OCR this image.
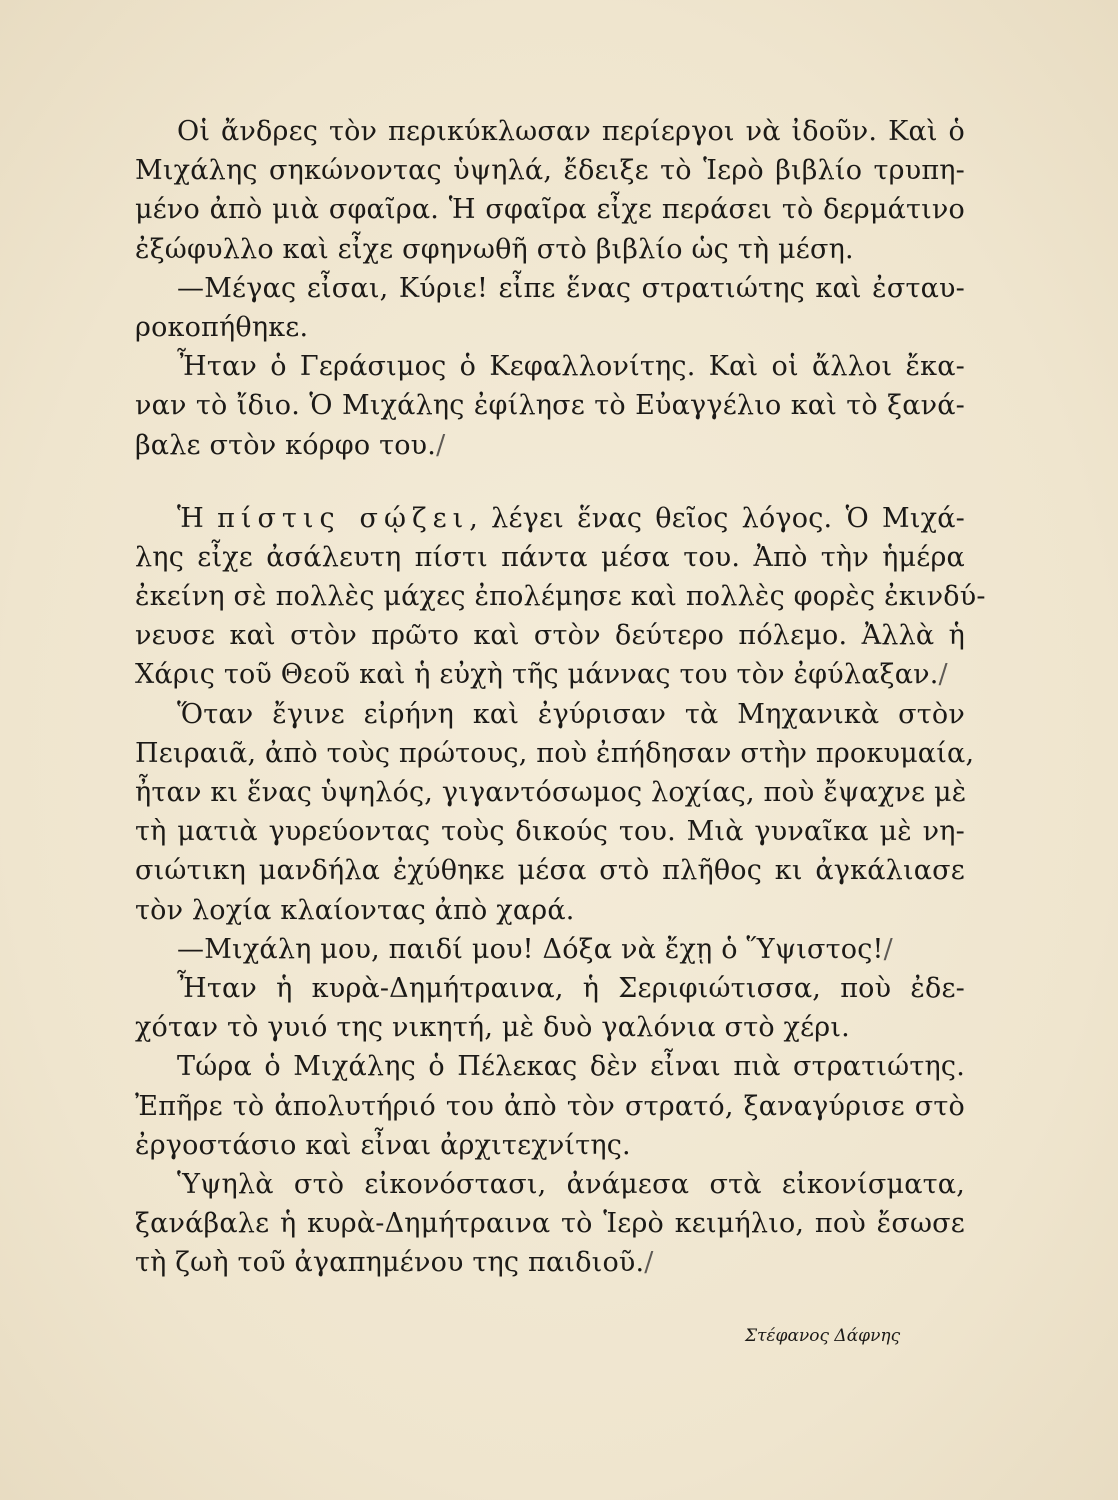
Οἱ ἄνδρες τὸν περικύκλωσαν περίεργοι νὰ ἰδοῦν. Καὶ ὁ
Μιχάλης σηκώνοντας ὑψηλά, ἔδειξε τὸ Ἱερὸ βιβλίο τρυπη-
μένο ἀπὸ μιὰ σφαῖρα. Ἡ σφαῖρα εἶχε περάσει τὸ δερμάτινο
ἐξώφυλλο καὶ εἶχε σφηνωθῆ στὸ βιβλίο ὡς τὴ μέση.
—Μέγας εἶσαι, Κύριε! εἶπε ἕνας στρατιώτης καὶ ἐσταυ-
ροκοπήθηκε.
Ἦταν ὁ Γεράσιμος ὁ Κεφαλλονίτης. Καὶ οἱ ἄλλοι ἔκα-
ναν τὸ ἴδιο. Ὁ Μιχάλης ἐφίλησε τὸ Εὐαγγέλιο καὶ τὸ ξανά-
βαλε στὸν κόρφο του./
Ἡ πίστις σῴζει, λέγει ἕνας θεῖος λόγος. Ὁ Μιχά-
λης εἶχε ἀσάλευτη πίστι πάντα μέσα του. Ἀπὸ τὴν ἡμέρα
ἐκείνη σὲ πολλὲς μάχες ἐπολέμησε καὶ πολλὲς φορὲς ἐκινδύ-
νευσε καὶ στὸν πρῶτο καὶ στὸν δεύτερο πόλεμο. Ἀλλὰ ἡ
Χάρις τοῦ Θεοῦ καὶ ἡ εὐχὴ τῆς μάννας του τὸν ἐφύλαξαν./
Ὅταν ἔγινε εἰρήνη καὶ ἐγύρισαν τὰ Μηχανικὰ στὸν
Πειραιᾶ, ἀπὸ τοὺς πρώτους, ποὺ ἐπήδησαν στὴν προκυμαία,
ἦταν κι ἕνας ὑψηλός, γιγαντόσωμος λοχίας, ποὺ ἔψαχνε μὲ
τὴ ματιὰ γυρεύοντας τοὺς δικούς του. Μιὰ γυναῖκα μὲ νη-
σιώτικη μανδήλα ἐχύθηκε μέσα στὸ πλῆθος κι ἀγκάλιασε
τὸν λοχία κλαίοντας ἀπὸ χαρά.
—Μιχάλη μου, παιδί μου! Δόξα νὰ ἔχῃ ὁ Ὕψιστος!/
Ἦταν ἡ κυρὰ-Δημήτραινα, ἡ Σεριφιώτισσα, ποὺ ἐδε-
χόταν τὸ γυιό της νικητή, μὲ δυὸ γαλόνια στὸ χέρι.
Τώρα ὁ Μιχάλης ὁ Πέλεκας δὲν εἶναι πιὰ στρατιώτης.
Ἐπῆρε τὸ ἀπολυτήριό του ἀπὸ τὸν στρατό, ξαναγύρισε στὸ
ἐργοστάσιο καὶ εἶναι ἀρχιτεχνίτης.
Ὑψηλὰ στὸ εἰκονόστασι, ἀνάμεσα στὰ εἰκονίσματα,
ξανάβαλε ἡ κυρὰ-Δημήτραινα τὸ Ἱερὸ κειμήλιο, ποὺ ἔσωσε
τὴ ζωὴ τοῦ ἀγαπημένου της παιδιοῦ./
Στέφανος Δάφνης
